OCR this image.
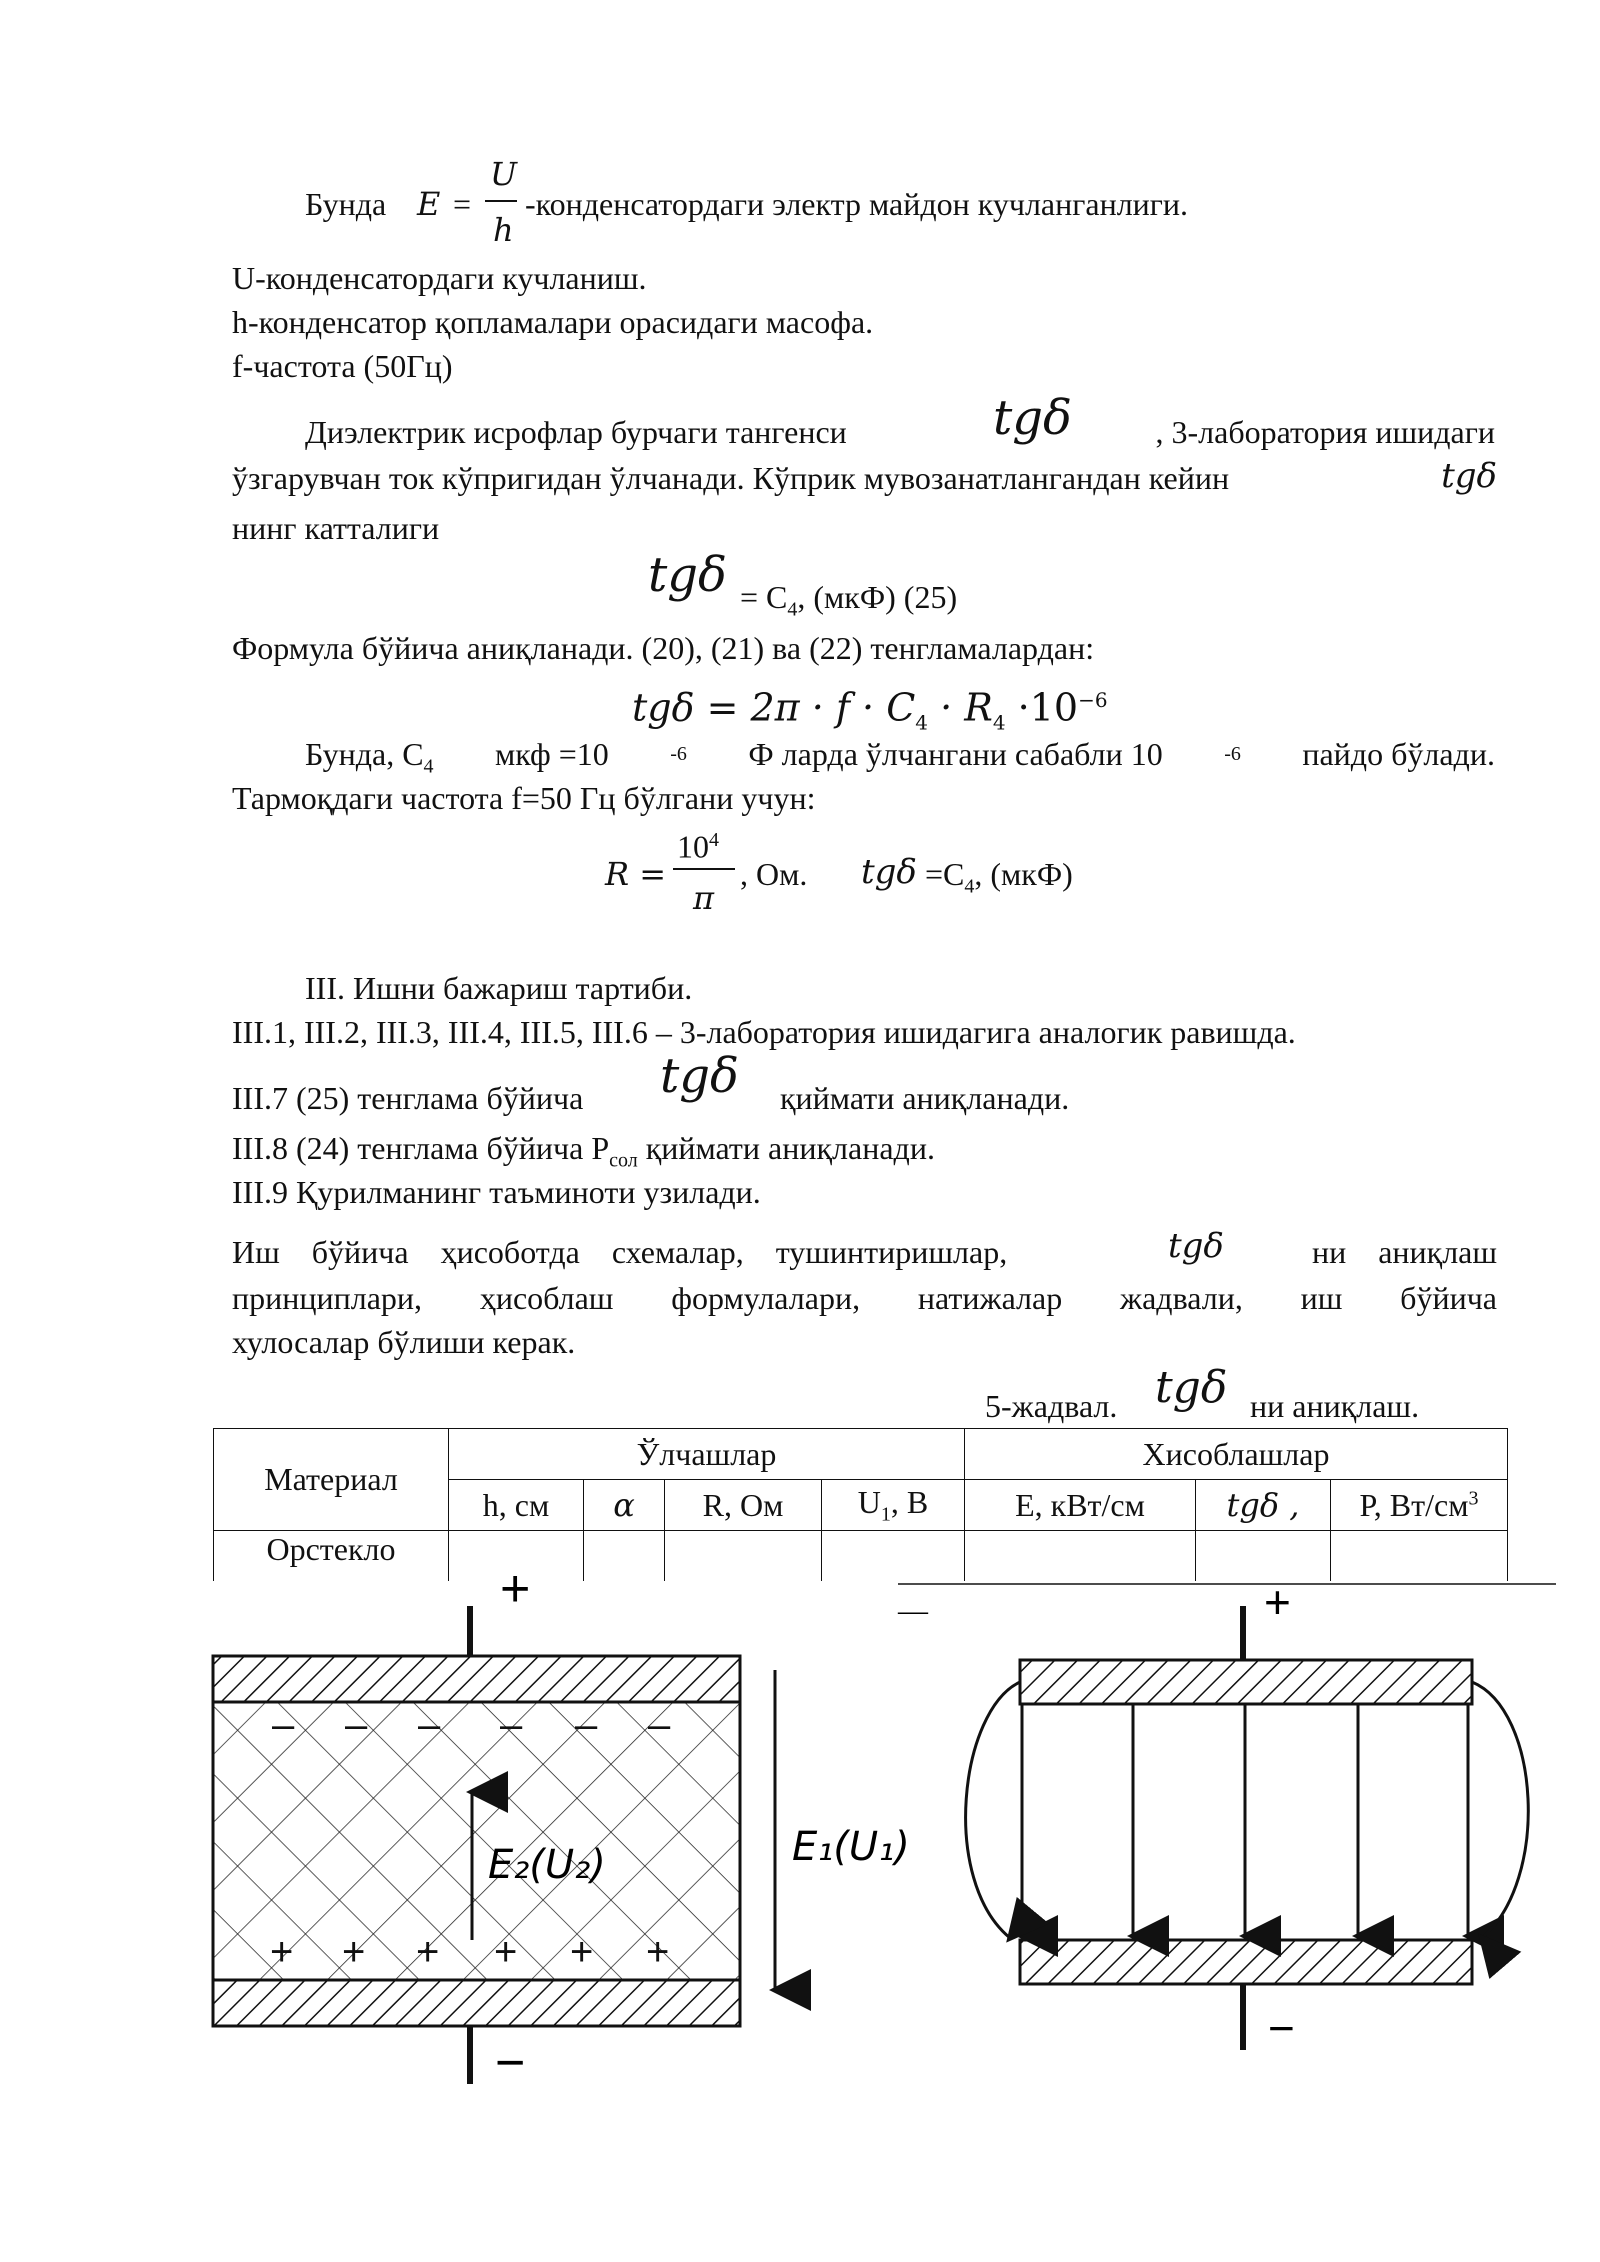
Бунда E =
U
h
-конденсатордаги электр майдон кучланганлиги.
U-конденсатордаги кучланиш.
h-конденсатор қопламалари орасидаги масофа.
f-частота (50Гц)
Диэлектрик исрофлар бурчаги тангенси	tgδ	, 3-лаборатория ишидаги
ўзгарувчан ток кўпригидан ўлчанади. Кўприк мувозанатлангандан кейин	tgδ
нинг катталиги
$tg\delta = С_4$, (мкФ) (25)
Формула бўйича аниқланади. (20), (21) ва (22) тенгламалардан:
$tg\delta = 2\pi \cdot f \cdot C_4 \cdot R_4 \cdot 10^{-6}$
Бунда, $С_4$ мкф =10	$^{-6}$ Ф ларда ўлчангани сабабли 10	$^{-6}$ пайдо бўлади.
Тармоқдаги частота f=50 Гц бўлгани учун:
R =
$10^4$
π
, Ом. $tg\delta =С_4$, (мкФ)
III. Ишни бажариш тартиби.
III.1, III.2, III.3, III.4, III.5, III.6 – 3-лаборатория ишидагига аналогик равишда.
III.7 (25) тенглама бўйича tgδ қиймати аниқланади.
III.8 (24) тенглама бўйича $Р_{сол}$ қиймати аниқланади.
III.9 Қурилманинг таъминоти узилади.
Иш бўйича ҳисоботда схемалар, тушинтиришлар,	tgδ	ни аниқлаш
принциплари, ҳисоблаш формулалари, натижалар жадвали, иш бўйича
хулосалар бўлиши керак.
5-жадвал. tgδ ни аниқлаш.
Материал	Ўлчашлар				Хисоблашлар		
	h, см	α	R, Ом	$U_1$, В	E, кВт/см	tgδ ,	P, $Вт/см^3$
Орстекло							
—
+
−
– – – – – –
+ + + + + +
E₂(U₂)	E₁(U₁)
+
−
